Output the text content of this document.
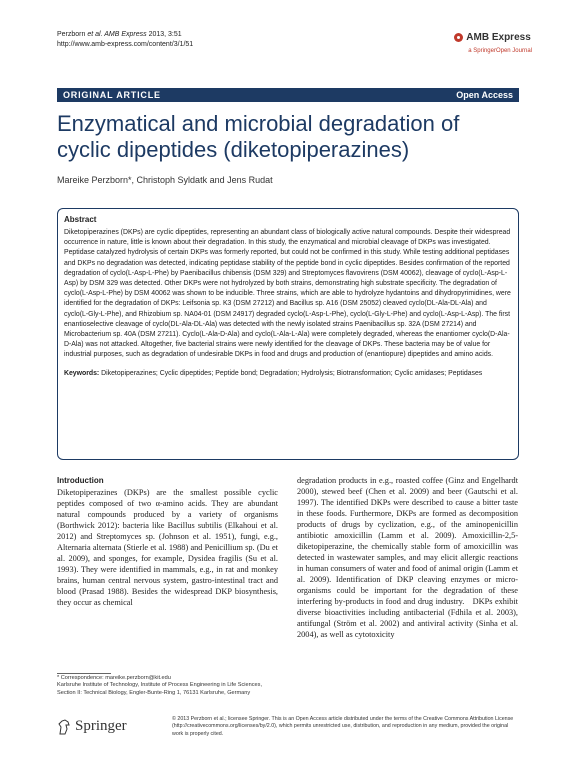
Perzborn et al. AMB Express 2013, 3:51
http://www.amb-express.com/content/3/1/51
AMB Express
a SpringerOpen Journal
ORIGINAL ARTICLE	Open Access
Enzymatical and microbial degradation of cyclic dipeptides (diketopiperazines)
Mareike Perzborn*, Christoph Syldatk and Jens Rudat
Abstract

Diketopiperazines (DKPs) are cyclic dipeptides, representing an abundant class of biologically active natural compounds. Despite their widespread occurrence in nature, little is known about their degradation. In this study, the enzymatical and microbial cleavage of DKPs was investigated. Peptidase catalyzed hydrolysis of certain DKPs was formerly reported, but could not be confirmed in this study. While testing additional peptidases and DKPs no degradation was detected, indicating peptidase stability of the peptide bond in cyclic dipeptides. Besides confirmation of the reported degradation of cyclo(L-Asp-L-Phe) by Paenibacillus chibensis (DSM 329) and Streptomyces flavovirens (DSM 40062), cleavage of cyclo(L-Asp-L-Asp) by DSM 329 was detected. Other DKPs were not hydrolyzed by both strains, demonstrating high substrate specificity. The degradation of cyclo(L-Asp-L-Phe) by DSM 40062 was shown to be inducible. Three strains, which are able to hydrolyze hydantoins and dihydropyrimidines, were identified for the degradation of DKPs: Leifsonia sp. K3 (DSM 27212) and Bacillus sp. A16 (DSM 25052) cleaved cyclo(DL-Ala-DL-Ala) and cyclo(L-Gly-L-Phe), and Rhizobium sp. NA04-01 (DSM 24917) degraded cyclo(L-Asp-L-Phe), cyclo(L-Gly-L-Phe) and cyclo(L-Asp-L-Asp). The first enantioselective cleavage of cyclo(DL-Ala-DL-Ala) was detected with the newly isolated strains Paenibacillus sp. 32A (DSM 27214) and Microbacterium sp. 40A (DSM 27211). Cyclo(L-Ala-D-Ala) and cyclo(L-Ala-L-Ala) were completely degraded, whereas the enantiomer cyclo(D-Ala-D-Ala) was not attacked. Altogether, five bacterial strains were newly identified for the cleavage of DKPs. These bacteria may be of value for industrial purposes, such as degradation of undesirable DKPs in food and drugs and production of (enantiopure) dipeptides and amino acids.

Keywords: Diketopiperazines; Cyclic dipeptides; Peptide bond; Degradation; Hydrolysis; Biotransformation; Cyclic amidases; Peptidases

Introduction
Diketopiperazines (DKPs) are the smallest possible cyclic peptides composed of two α-amino acids. They are abundant natural compounds produced by a variety of organisms (Borthwick 2012): bacteria like Bacillus subtilis (Elkahoui et al. 2012) and Streptomyces sp. (Johnson et al. 1951), fungi, e.g., Alternaria alternata (Stierle et al. 1988) and Penicillium sp. (Du et al. 2009), and sponges, for example, Dysidea fragilis (Su et al. 1993). They were identified in mammals, e.g., in rat and monkey brains, human central nervous system, gastro-intestinal tract and blood (Prasad 1988). Besides the widespread DKP biosynthesis, they occur as chemical
degradation products in e.g., roasted coffee (Ginz and Engelhardt 2000), stewed beef (Chen et al. 2009) and beer (Gautschi et al. 1997). The identified DKPs were described to cause a bitter taste in these foods. Furthermore, DKPs are formed as decomposition products of drugs by cyclization, e.g., of the aminopenicillin antibiotic amoxicillin (Lamm et al. 2009). Amoxicillin-2,5-diketopiperazine, the chemically stable form of amoxicillin was detected in wastewater samples, and may elicit allergic reactions in human consumers of water and food of animal origin (Lamm et al. 2009). Identification of DKP cleaving enzymes or micro-organisms could be important for the degradation of these interfering by-products in food and drug industry. DKPs exhibit diverse bioactivities including antibacterial (Fdhila et al. 2003), antifungal (Ström et al. 2002) and antiviral activity (Sinha et al. 2004), as well as cytotoxicity
* Correspondence: mareike.perzborn@kit.edu
Karlsruhe Institute of Technology, Institute of Process Engineering in Life Sciences, Section II: Technical Biology, Engler-Bunte-Ring 1, 76131 Karlsruhe, Germany
Springer	© 2013 Perzborn et al.; licensee Springer. This is an Open Access article distributed under the terms of the Creative Commons Attribution License (http://creativecommons.org/licenses/by/2.0), which permits unrestricted use, distribution, and reproduction in any medium, provided the original work is properly cited.
